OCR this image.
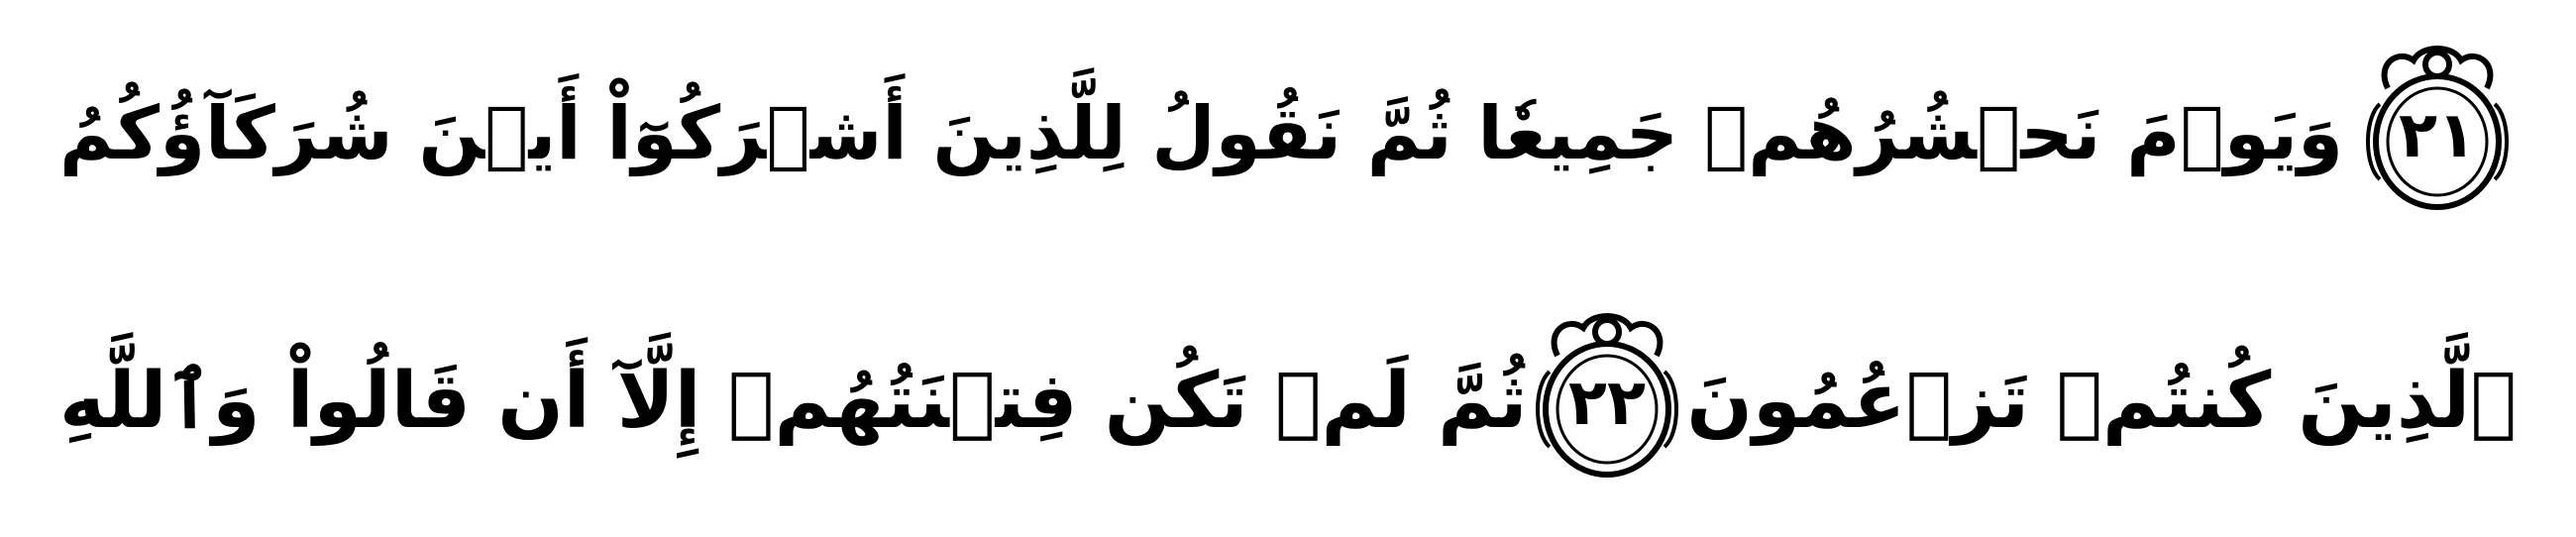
٢١
وَيَوۡمَ نَحۡشُرُهُمۡ جَمِيعٗا ثُمَّ نَقُولُ لِلَّذِينَ أَشۡرَكُوٓاْ أَيۡنَ شُرَكَآؤُكُمُ
ٱلَّذِينَ كُنتُمۡ تَزۡعُمُونَ
٢٢
ثُمَّ لَمۡ تَكُن فِتۡنَتُهُمۡ إِلَّآ أَن قَالُواْ وَٱللَّهِ
